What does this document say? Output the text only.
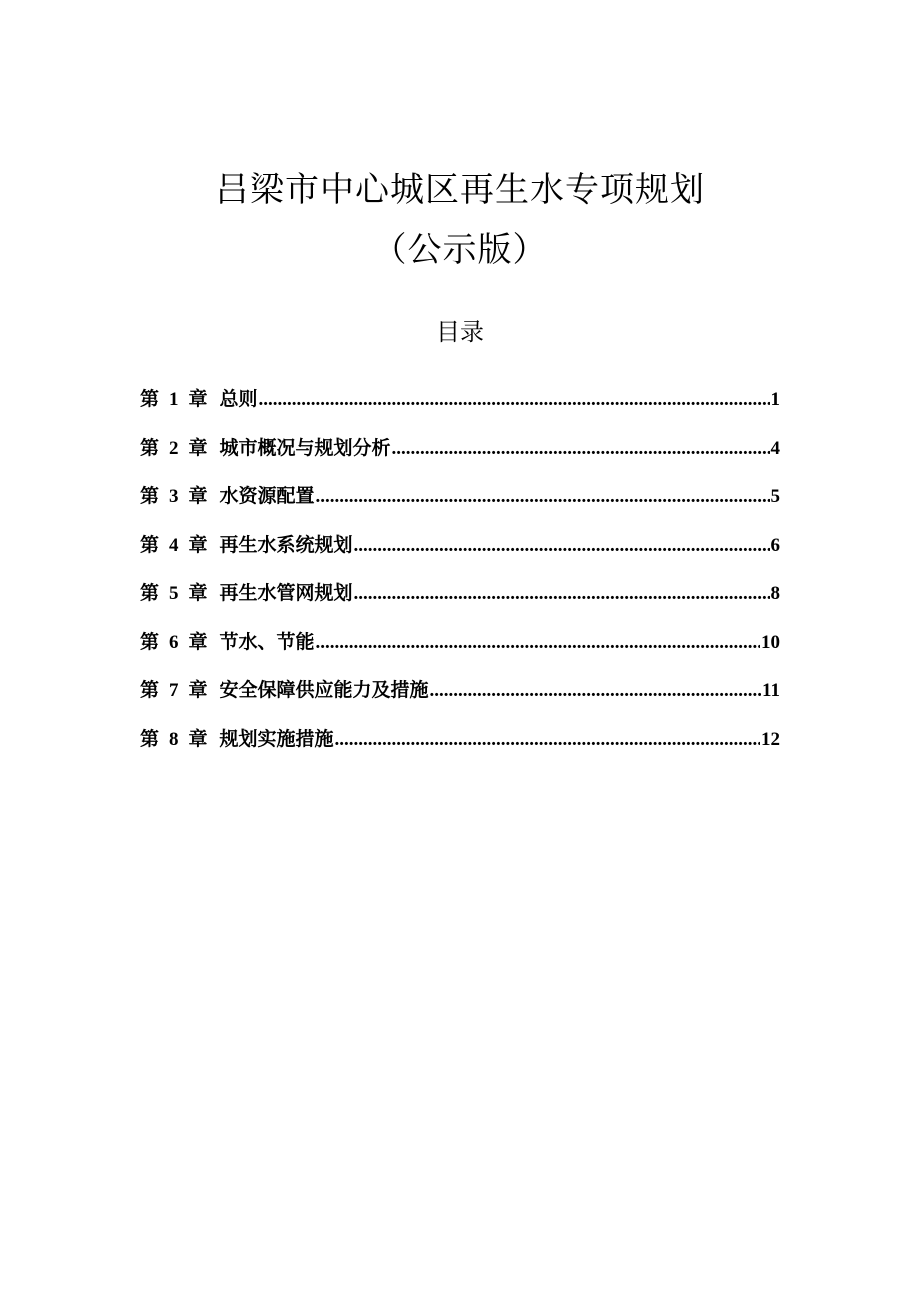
吕梁市中心城区再生水专项规划
（公示版）
目录
第 1 章 总则 .....	1
第 2 章 城市概况与规划分析 .....	4
第 3 章 水资源配置 .....	5
第 4 章 再生水系统规划 .....	6
第 5 章 再生水管网规划 .....	8
第 6 章 节水、节能 .....	10
第 7 章 安全保障供应能力及措施 .....	11
第 8 章 规划实施措施 .....	12
